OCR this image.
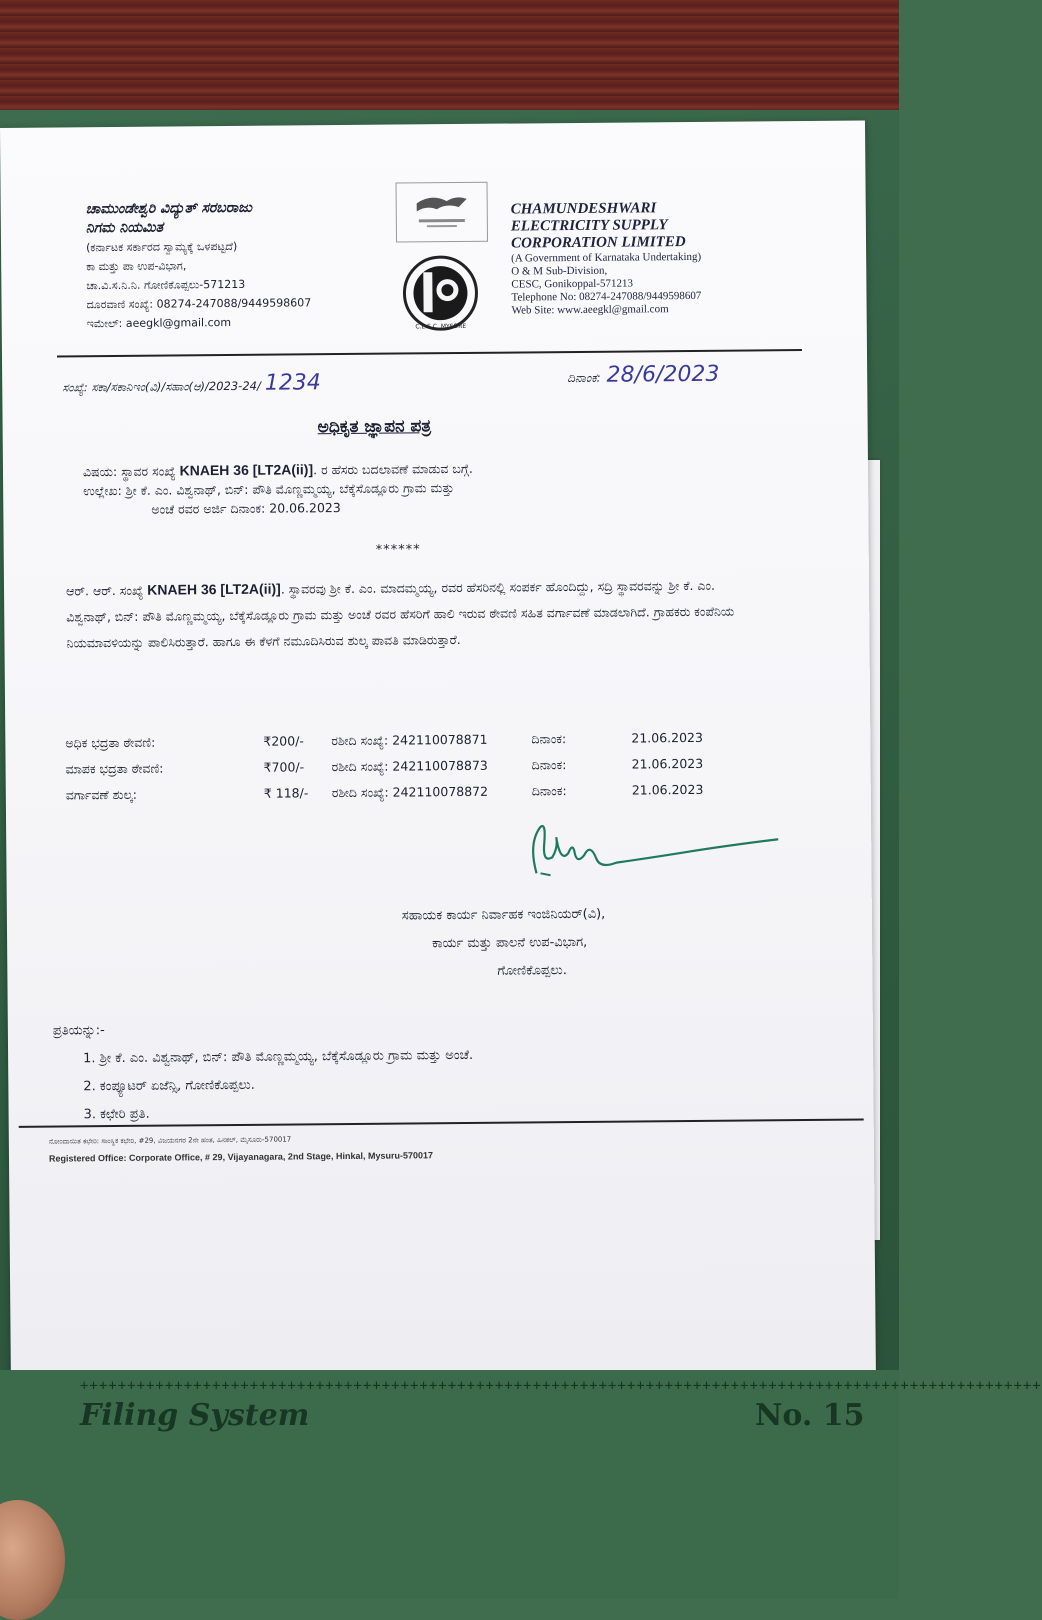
ಚಾಮುಂಡೇಶ್ವರಿ ವಿದ್ಯುತ್ ಸರಬರಾಜು
ನಿಗಮ ನಿಯಮಿತ
(ಕರ್ನಾಟಕ ಸರ್ಕಾರದ ಸ್ವಾಮ್ಯಕ್ಕೆ ಒಳಪಟ್ಟದೆ)
ಕಾ ಮತ್ತು ಪಾ ಉಪ-ವಿಭಾಗ,
ಚಾ.ವಿ.ಸ.ನಿ.ನಿ. ಗೋಣಿಕೊಪ್ಪಲು-571213
ದೂರವಾಣಿ ಸಂಖ್ಯೆ: 08274-247088/9449598607
ಇಮೇಲ್: aeegkl@gmail.com	C.E.S.C. MYSORE
CHAMUNDESHWARI
ELECTRICITY SUPPLY
CORPORATION LIMITED
(A Government of Karnataka Undertaking)
O & M Sub-Division,
CESC, Gonikoppal-571213
Telephone No: 08274-247088/9449598607
Web Site: www.aeegkl@gmail.com
ಸಂಖ್ಯೆ: ಸಕಾ/ಸಕಾನಿಇಂ(ವಿ)/ಸಹಾಂ(ಆ)/2023-24/ 1234	ದಿನಾಂಕ: 28/6/2023
ಅಧಿಕೃತ ಜ್ಞಾಪನ ಪತ್ರ
ವಿಷಯ: ಸ್ಥಾವರ ಸಂಖ್ಯೆ KNAEH 36 [LT2A(ii)]. ರ ಹೆಸರು ಬದಲಾವಣೆ ಮಾಡುವ ಬಗ್ಗೆ.
ಉಲ್ಲೇಖ: ಶ್ರೀ ಕೆ. ಎಂ. ವಿಶ್ವನಾಥ್, ಬಿನ್: ಪೌತಿ ಮೊಣ್ಣಮ್ಮಯ್ಯ, ಬೆಕ್ಕೆಸೊಡ್ಲೂರು ಗ್ರಾಮ ಮತ್ತು
ಅಂಚೆ ರವರ ಅರ್ಜಿ ದಿನಾಂಕ: 20.06.2023
******
ಆರ್. ಆರ್. ಸಂಖ್ಯೆ KNAEH 36 [LT2A(ii)]. ಸ್ಥಾವರವು ಶ್ರೀ ಕೆ. ಎಂ. ಮಾದಮ್ಮಯ್ಯ, ರವರ ಹೆಸರಿನಲ್ಲಿ ಸಂಪರ್ಕ ಹೊಂದಿದ್ದು, ಸದ್ರಿ ಸ್ಥಾವರವನ್ನು ಶ್ರೀ ಕೆ. ಎಂ. ವಿಶ್ವನಾಥ್, ಬಿನ್: ಪೌತಿ ಮೊಣ್ಣಮ್ಮಯ್ಯ, ಬೆಕ್ಕೆಸೊಡ್ಲೂರು ಗ್ರಾಮ ಮತ್ತು ಅಂಚೆ ರವರ ಹೆಸರಿಗೆ ಹಾಲಿ ಇರುವ ಠೇವಣಿ ಸಹಿತ ವರ್ಗಾವಣೆ ಮಾಡಲಾಗಿದೆ. ಗ್ರಾಹಕರು ಕಂಪೆನಿಯ ನಿಯಮಾವಳಿಯನ್ನು ಪಾಲಿಸಿರುತ್ತಾರೆ. ಹಾಗೂ ಈ ಕೆಳಗೆ ನಮೂದಿಸಿರುವ ಶುಲ್ಕ ಪಾವತಿ ಮಾಡಿರುತ್ತಾರೆ.
ಅಧಿಕ ಭದ್ರತಾ ಠೇವಣಿ:	₹200/-	ರಶೀದಿ ಸಂಖ್ಯೆ: 242110078871	ದಿನಾಂಕ:	21.06.2023
ಮಾಪಕ ಭದ್ರತಾ ಠೇವಣಿ:	₹700/-	ರಶೀದಿ ಸಂಖ್ಯೆ: 242110078873	ದಿನಾಂಕ:	21.06.2023
ವರ್ಗಾವಣೆ ಶುಲ್ಕ:	₹ 118/-	ರಶೀದಿ ಸಂಖ್ಯೆ: 242110078872	ದಿನಾಂಕ:	21.06.2023
ಸಹಾಯಕ ಕಾರ್ಯ ನಿರ್ವಾಹಕ ಇಂಜಿನಿಯರ್(ವಿ),
ಕಾರ್ಯ ಮತ್ತು ಪಾಲನೆ ಉಪ-ವಿಭಾಗ,
ಗೋಣಿಕೊಪ್ಪಲು.
ಪ್ರತಿಯನ್ನು:-
1. ಶ್ರೀ ಕೆ. ಎಂ. ವಿಶ್ವನಾಥ್, ಬಿನ್: ಪೌತಿ ಮೊಣ್ಣಮ್ಮಯ್ಯ, ಬೆಕ್ಕೆಸೊಡ್ಲೂರು ಗ್ರಾಮ ಮತ್ತು ಅಂಚೆ.
2. ಕಂಪ್ಯೂಟರ್ ಏಜೆನ್ಸಿ, ಗೋಣಿಕೊಪ್ಪಲು.
3. ಕಛೇರಿ ಪ್ರತಿ.
ನೋಂದಾಯಿತ ಕಛೇರಿ: ಸಾಂಸ್ಥಿಕ ಕಛೇರಿ, #29, ವಿಜಯನಗರ 2ನೇ ಹಂತ, ಹಿನಕಲ್, ಮೈಸೂರು-570017
Registered Office: Corporate Office, # 29, Vijayanagara, 2nd Stage, Hinkal, Mysuru-570017
++++++++++++++++++++++++++++++++++++++++++++++++++++++++++++++++++++++++++++++++++++++++++++++++++++++
Filing System	No. 15
